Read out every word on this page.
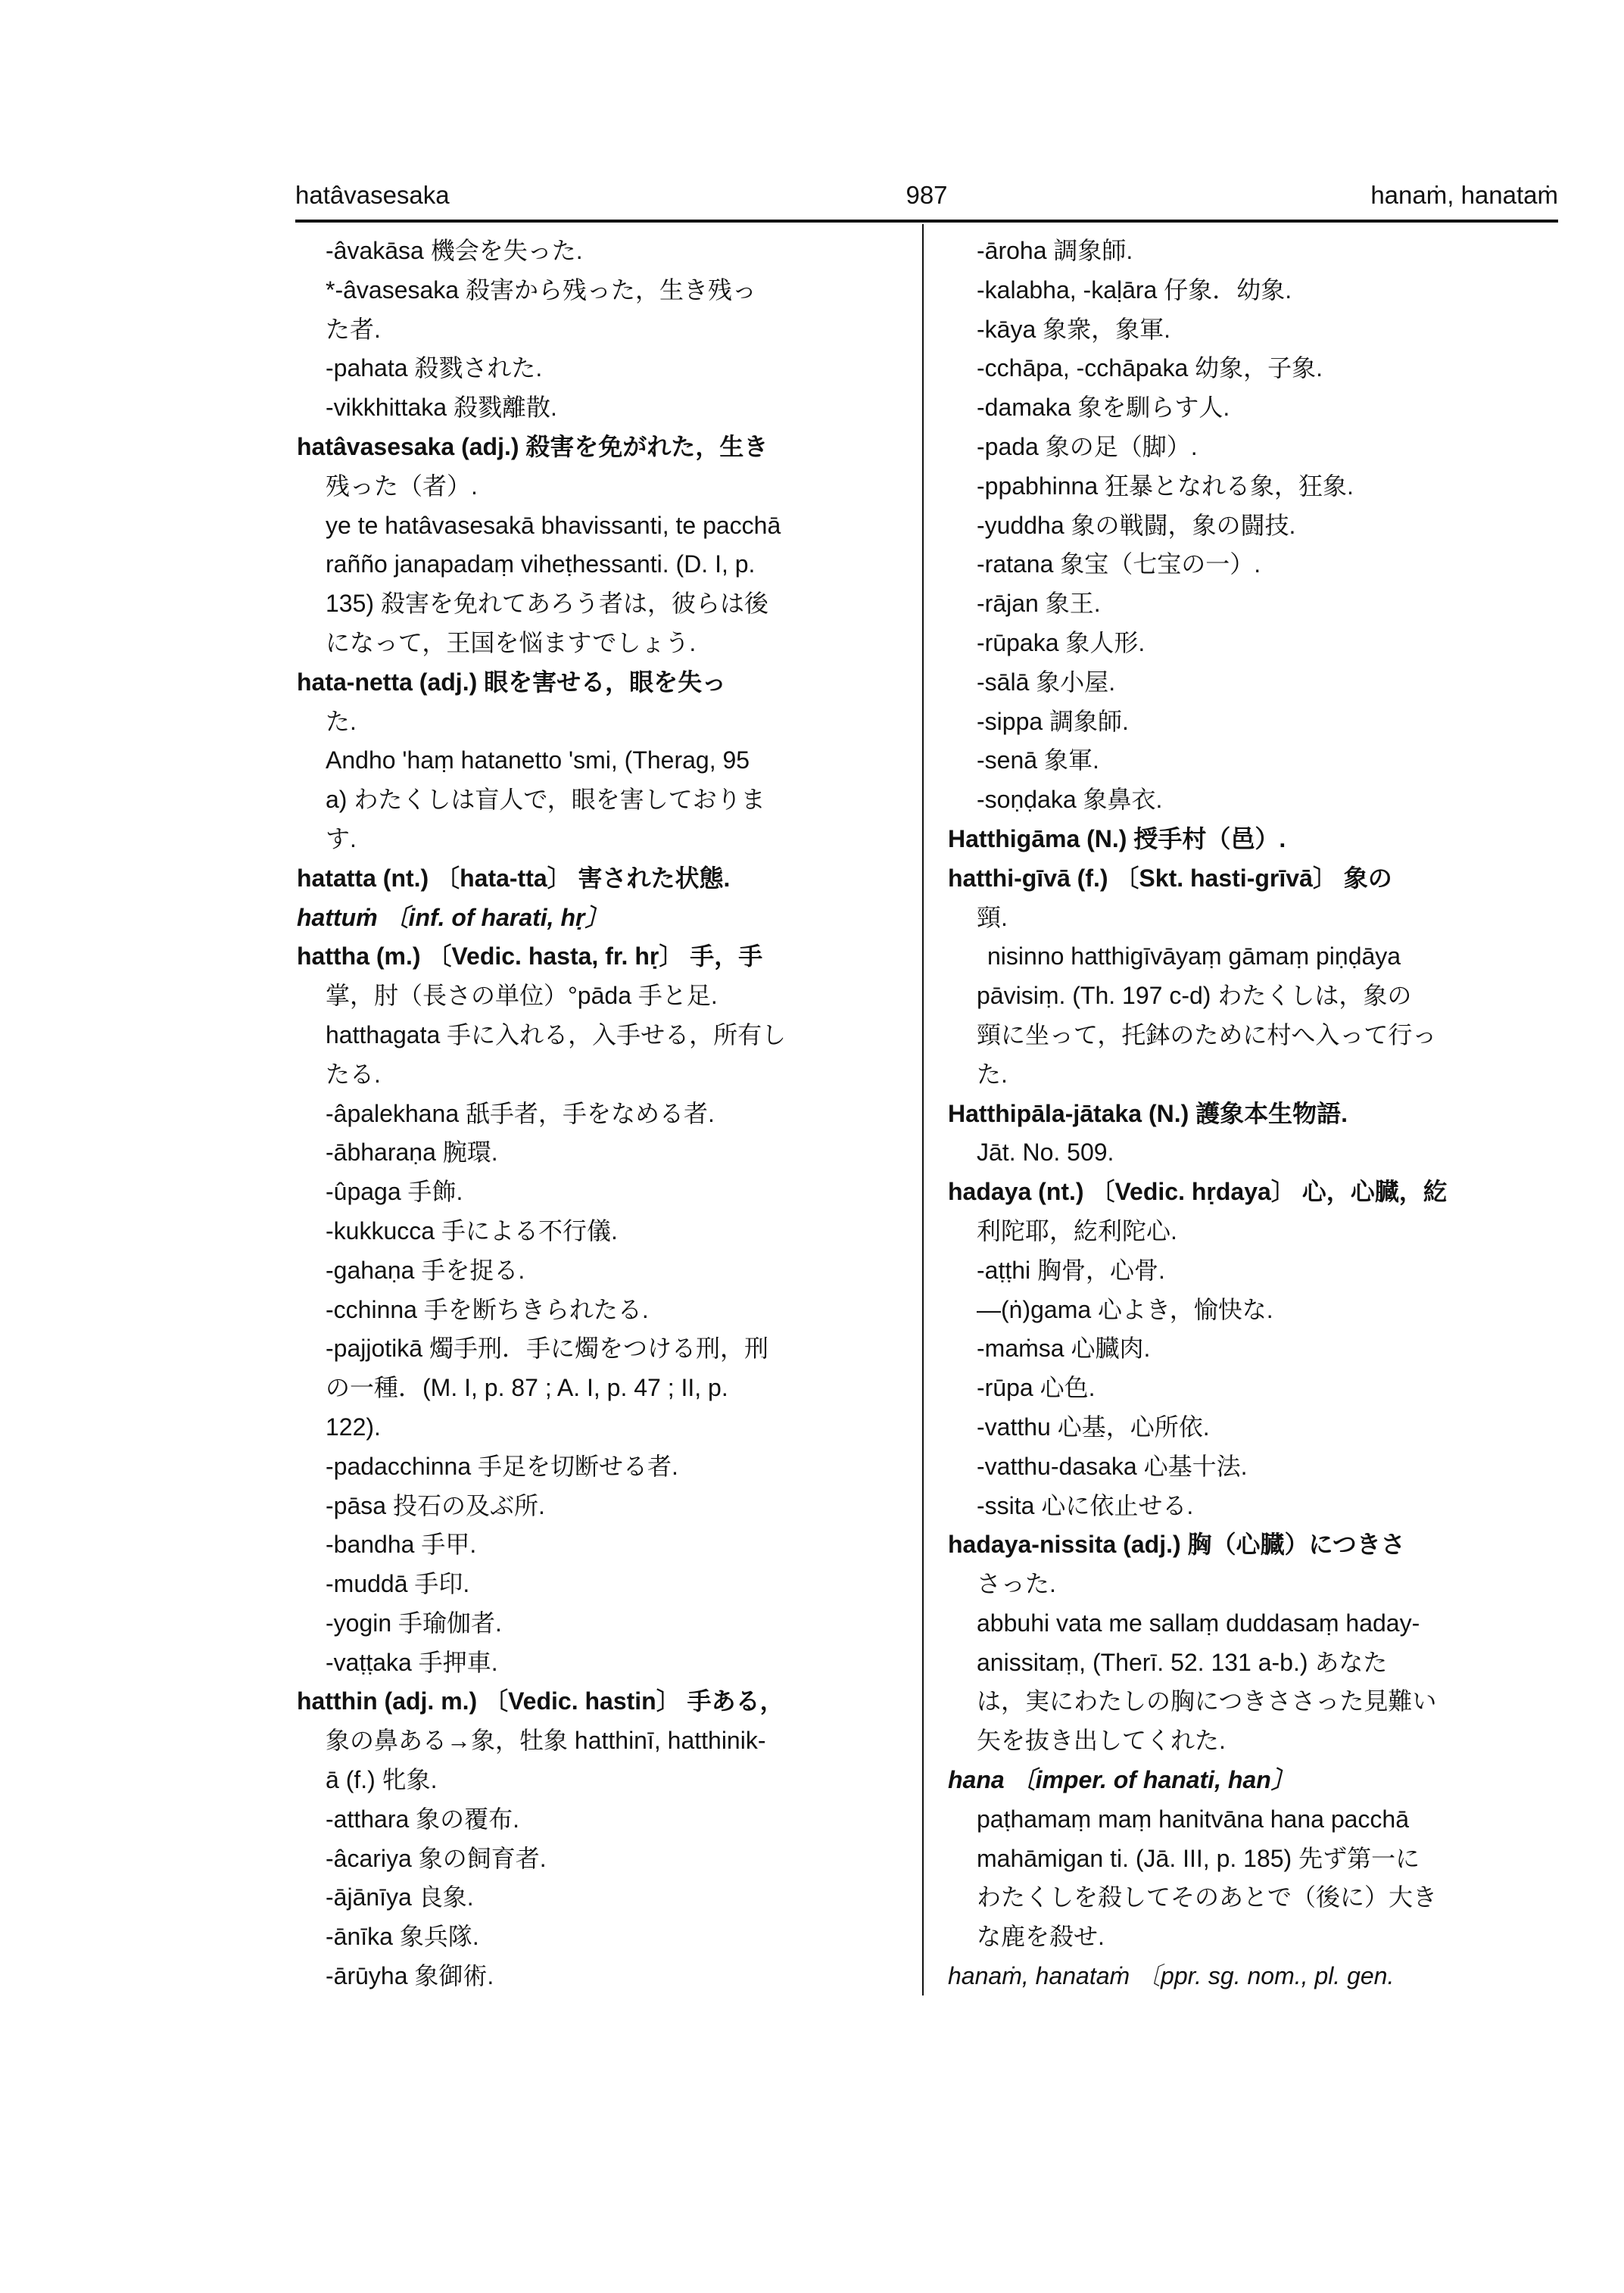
hatâvasesaka	987	hanaṁ, hanataṁ
-âvakāsa 機会を失った.
*-âvasesaka 殺害から残った，生き残っ
た者.
-pahata 殺戮された.
-vikkhittaka 殺戮離散.
hatâvasesaka (adj.) 殺害を免がれた，生き
残った（者）.
ye te hatâvasesakā bhavissanti, te pacchā
raññо janapadaṃ viheṭhessanti. (D. I, p.
135) 殺害を免れてあろう者は，彼らは後
になって，王国を悩ますでしょう.
hata-netta (adj.) 眼を害せる，眼を失っ
た.
Andho 'haṃ hatanetto 'smi, (Therag, 95
a) わたくしは盲人で，眼を害しておりま
す.
hatatta (nt.) 〔hata-tta〕 害された状態.
hattuṁ 〔inf. of harati, hṛ〕
hattha (m.) 〔Vedic. hasta, fr. hṛ〕 手，手
掌，肘（長さの単位）°pāda 手と足.
hatthagata 手に入れる，入手せる，所有し
たる.
-âpalekhana 舐手者，手をなめる者.
-ābharaṇa 腕環.
-ûpaga 手飾.
-kukkucca 手による不行儀.
-gahaṇa 手を捉る.
-cchinna 手を断ちきられたる.
-pajjotikā 燭手刑．手に燭をつける刑，刑
の一種．(M. I, p. 87 ; A. I, p. 47 ; II, p.
122).
-padacchinna 手足を切断せる者.
-pāsa 投石の及ぶ所.
-bandha 手甲.
-muddā 手印.
-yogin 手瑜伽者.
-vaṭṭaka 手押車.
hatthin (adj. m.) 〔Vedic. hastin〕 手ある，
象の鼻ある→象，牡象 hatthinī, hatthinik-
ā (f.) 牝象.
-atthara 象の覆布.
-âcariya 象の飼育者.
-ājānīya 良象.
-ānīka 象兵隊.
-ārūyha 象御術.
-āroha 調象師.
-kalabha, -kaḷāra 仔象．幼象.
-kāya 象衆，象軍.
-cchāpa, -cchāpaka 幼象，子象.
-damaka 象を馴らす人.
-pada 象の足（脚）.
-ppabhinna 狂暴となれる象，狂象.
-yuddha 象の戦闘，象の闘技.
-ratana 象宝（七宝の一）.
-rājan 象王.
-rūpaka 象人形.
-sālā 象小屋.
-sippa 調象師.
-senā 象軍.
-soṇḍaka 象鼻衣.
Hatthigāma (N.) 授手村（邑）.
hatthi-gīvā (f.) 〔Skt. hasti-grīvā〕 象の
頸.
nisinno hatthigīvāyaṃ gāmaṃ piṇḍāya
pāvisiṃ. (Th. 197 c-d) わたくしは，象の
頸に坐って，托鉢のために村へ入って行っ
た.
Hatthipāla-jātaka (N.) 護象本生物語.
Jāt. No. 509.
hadaya (nt.) 〔Vedic. hṛdaya〕 心，心臓，紇
利陀耶，紇利陀心.
-aṭṭhi 胸骨，心骨.
—(ṅ)gama 心よき，愉快な.
-maṁsa 心臓肉.
-rūpa 心色.
-vatthu 心基，心所依.
-vatthu-dasaka 心基十法.
-ssita 心に依止せる.
hadaya-nissita (adj.) 胸（心臓）につきさ
さった.
abbuhi vata me sallaṃ duddasaṃ haday-
anissitaṃ, (Therī. 52. 131 a-b.) あなた
は，実にわたしの胸につきささった見難い
矢を抜き出してくれた.
hana 〔imper. of hanati, han〕
paṭhamaṃ maṃ hanitvāna hana pacchā
mahāmigan ti. (Jā. III, p. 185) 先ず第一に
わたくしを殺してそのあとで（後に）大き
な鹿を殺せ.
hanaṁ, hanataṁ 〔ppr. sg. nom., pl. gen.
